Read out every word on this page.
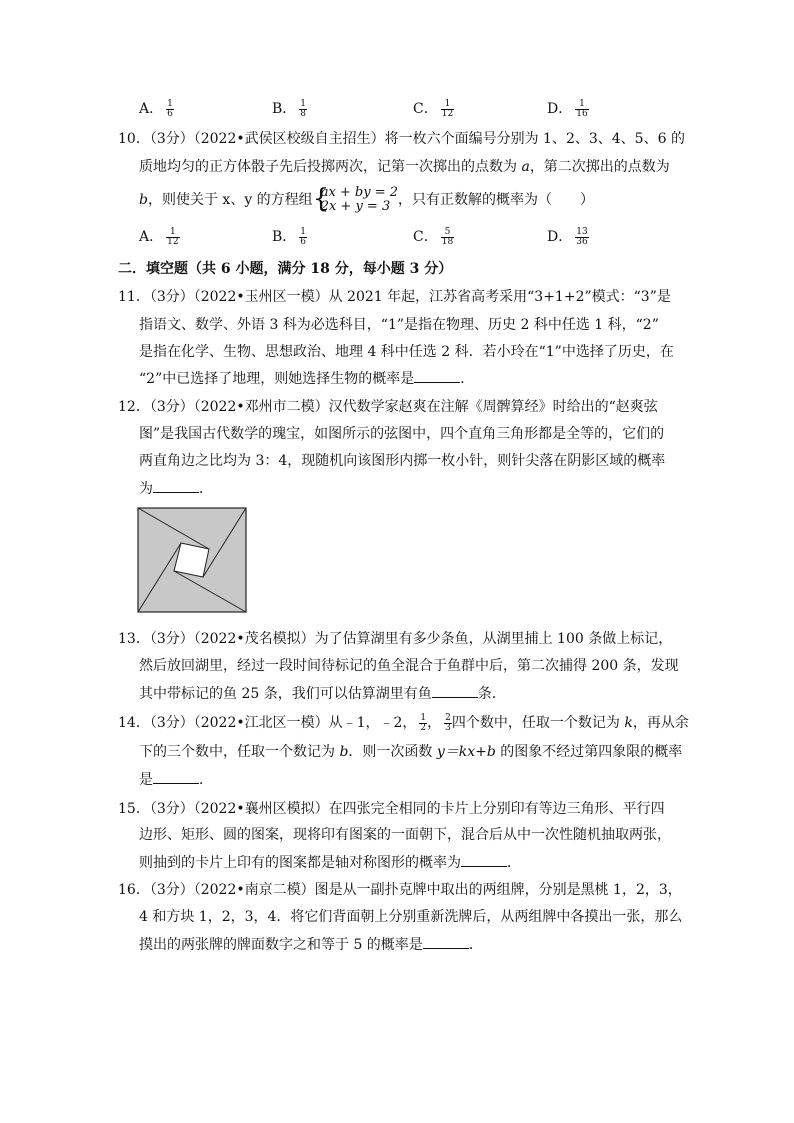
A． $\frac{1}{6}$	B． $\frac{1}{8}$	C． $\frac{1}{12}$	D． $\frac{1}{16}$
10．（3分）（2022•武侯区校级自主招生）将一枚六个面编号分别为 1、2、3、4、5、6 的
质地均匀的正方体骰子先后投掷两次，记第一次掷出的点数为 a，第二次掷出的点数为
b，则使关于 x、y 的方程组 {
ax + by = 2
2x + y = 3 ，只有正数解的概率为（　　）
A． $\frac{1}{12}$	B． $\frac{1}{6}$	C． $\frac{5}{18}$	D． $\frac{13}{36}$
二．填空题（共 6 小题，满分 18 分，每小题 3 分）
11．（3分）（2022•玉州区一模）从 2021 年起，江苏省高考采用“3+1+2”模式：“3”是
指语文、数学、外语 3 科为必选科目，“1”是指在物理、历史 2 科中任选 1 科，“2”
是指在化学、生物、思想政治、地理 4 科中任选 2 科．若小玲在“1”中选择了历史，在
“2”中已选择了地理，则她选择生物的概率是	．
12．（3分）（2022•邓州市二模）汉代数学家赵爽在注解《周髀算经》时给出的“赵爽弦
图”是我国古代数学的瑰宝，如图所示的弦图中，四个直角三角形都是全等的，它们的
两直角边之比均为 3：4，现随机向该图形内掷一枚小针，则针尖落在阴影区域的概率
为	．
13．（3分）（2022•茂名模拟）为了估算湖里有多少条鱼，从湖里捕上 100 条做上标记，
然后放回湖里，经过一段时间待标记的鱼全混合于鱼群中后，第二次捕得 200 条，发现
其中带标记的鱼 25 条，我们可以估算湖里有鱼	条．
14．（3分）（2022•江北区一模）从﹣1，﹣2， $\frac{1}{2}$ ， $\frac{2}{3}$ 四个数中，任取一个数记为 k，再从余
下的三个数中，任取一个数记为 b．则一次函数 y＝kx+b 的图象不经过第四象限的概率
是	．
15．（3分）（2022•襄州区模拟）在四张完全相同的卡片上分别印有等边三角形、平行四
边形、矩形、圆的图案，现将印有图案的一面朝下，混合后从中一次性随机抽取两张，
则抽到的卡片上印有的图案都是轴对称图形的概率为	．
16．（3分）（2022•南京二模）图是从一副扑克牌中取出的两组牌，分别是黑桃 1，2，3，
4 和方块 1，2，3，4．将它们背面朝上分别重新洗牌后，从两组牌中各摸出一张，那么
摸出的两张牌的牌面数字之和等于 5 的概率是	．
